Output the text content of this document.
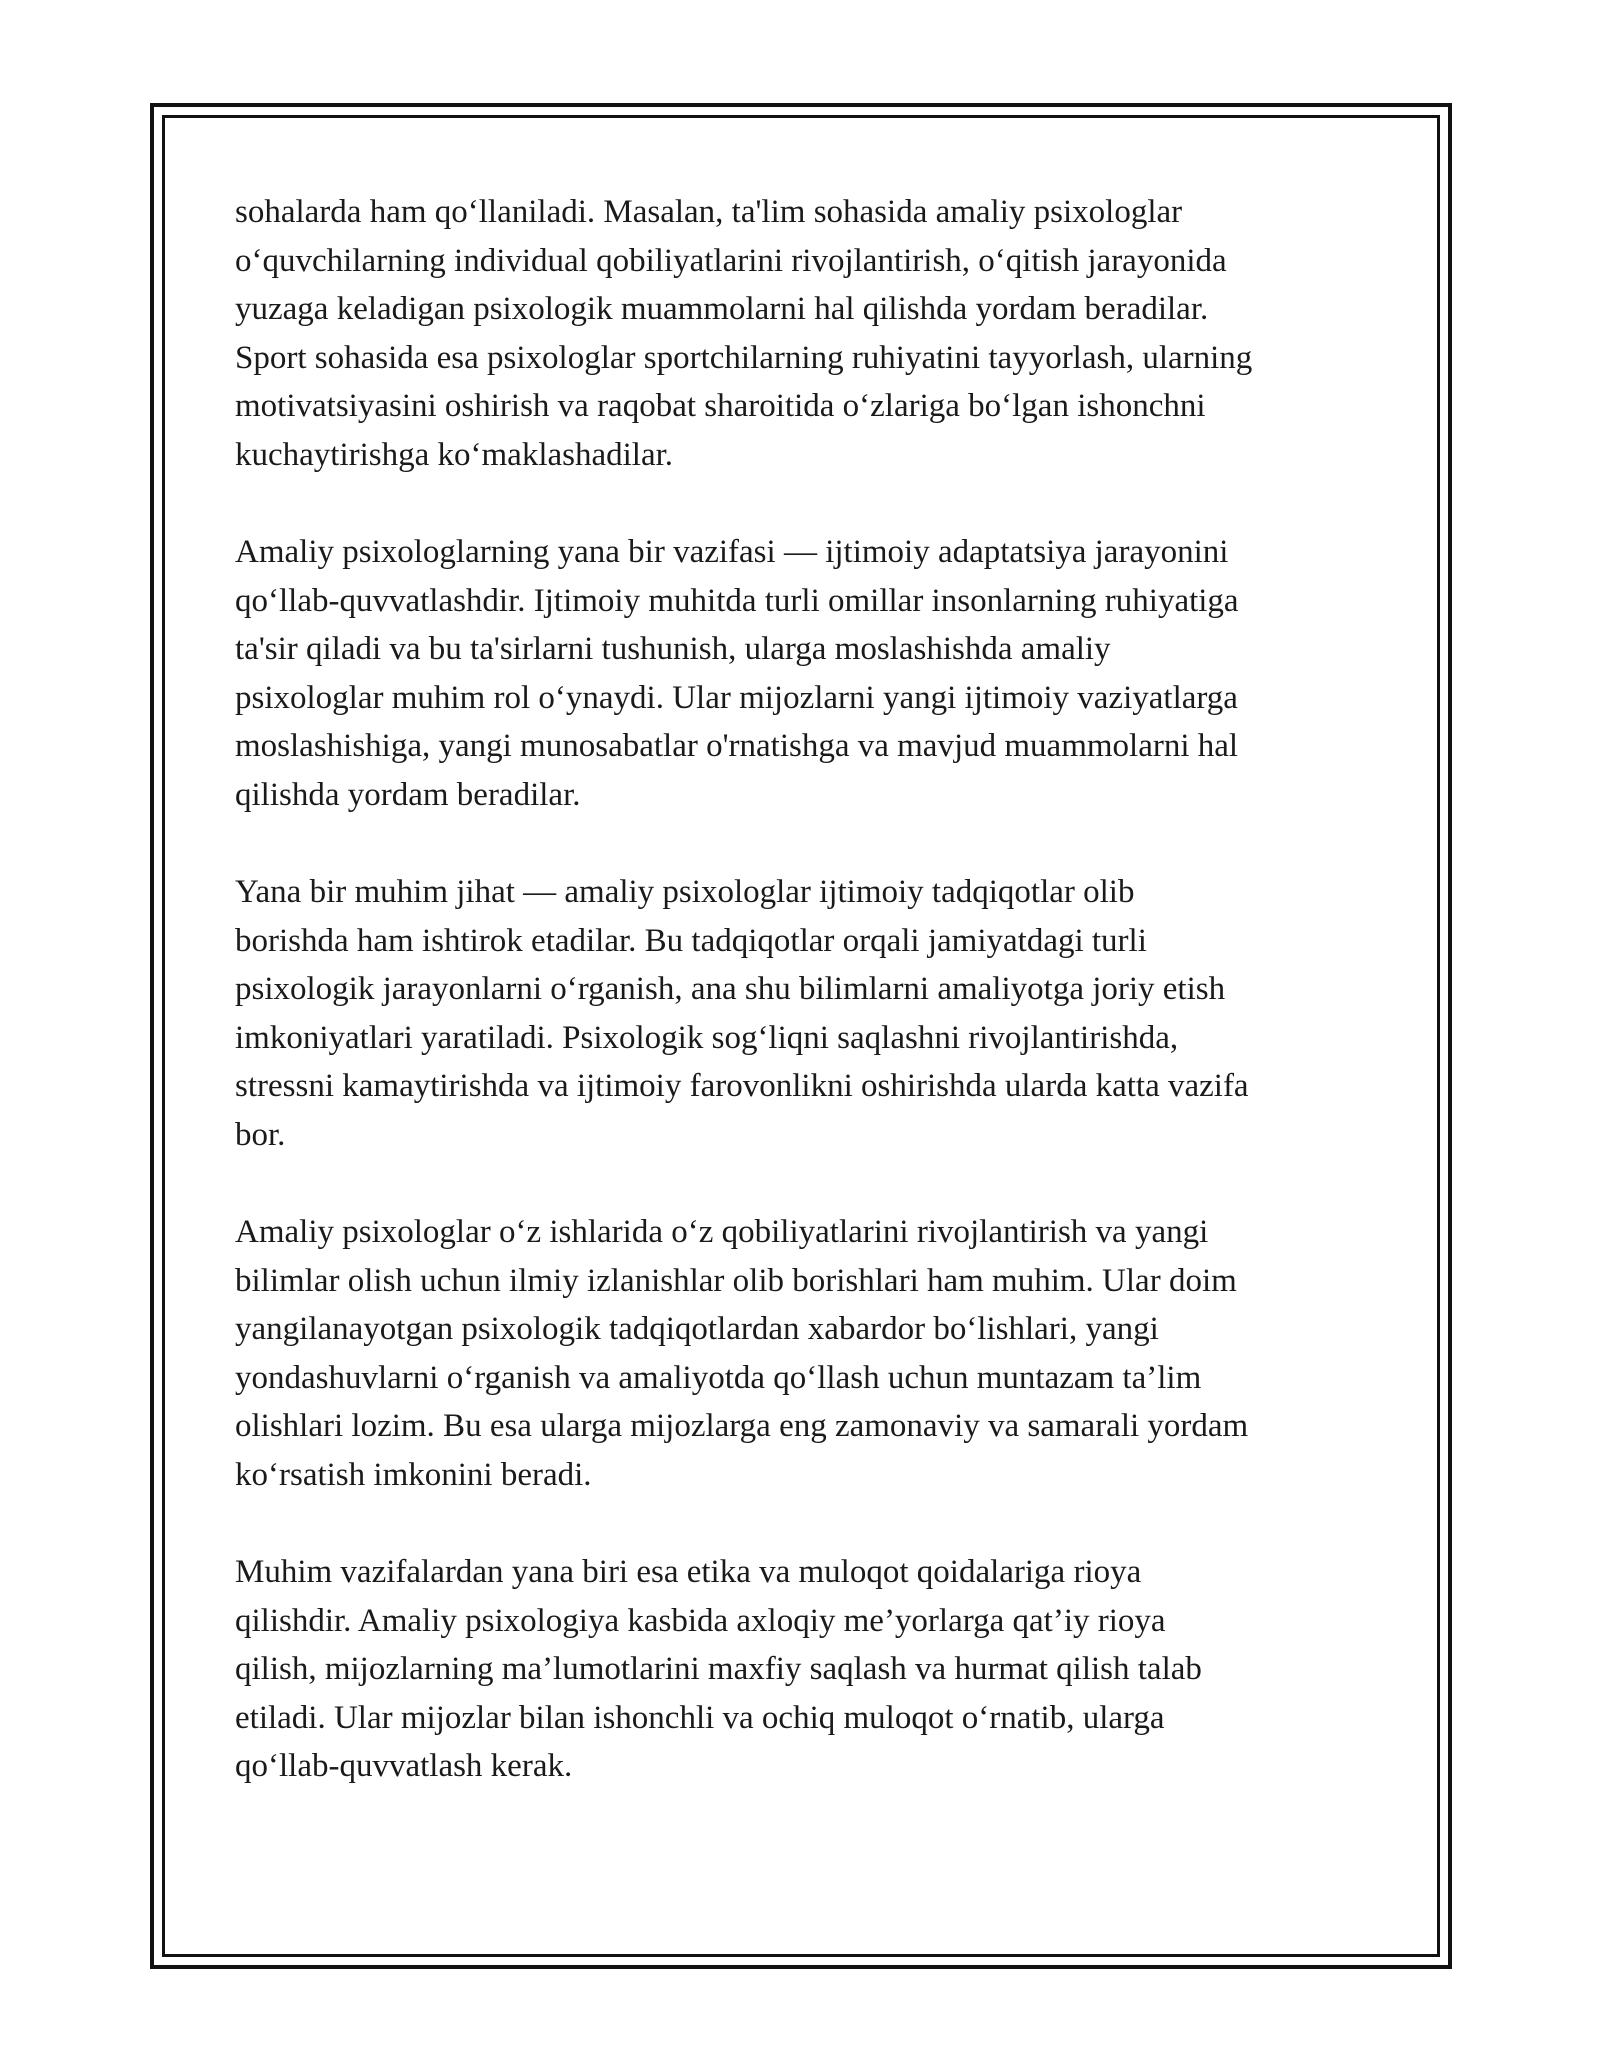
sohalarda ham qo‘llaniladi. Masalan, ta'lim sohasida amaliy psixologlar
o‘quvchilarning individual qobiliyatlarini rivojlantirish, o‘qitish jarayonida
yuzaga keladigan psixologik muammolarni hal qilishda yordam beradilar.
Sport sohasida esa psixologlar sportchilarning ruhiyatini tayyorlash, ularning
motivatsiyasini oshirish va raqobat sharoitida o‘zlariga bo‘lgan ishonchni
kuchaytirishga ko‘maklashadilar.

Amaliy psixologlarning yana bir vazifasi — ijtimoiy adaptatsiya jarayonini
qo‘llab-quvvatlashdir. Ijtimoiy muhitda turli omillar insonlarning ruhiyatiga
ta'sir qiladi va bu ta'sirlarni tushunish, ularga moslashishda amaliy
psixologlar muhim rol o‘ynaydi. Ular mijozlarni yangi ijtimoiy vaziyatlarga
moslashishiga, yangi munosabatlar o'rnatishga va mavjud muammolarni hal
qilishda yordam beradilar.

Yana bir muhim jihat — amaliy psixologlar ijtimoiy tadqiqotlar olib
borishda ham ishtirok etadilar. Bu tadqiqotlar orqali jamiyatdagi turli
psixologik jarayonlarni o‘rganish, ana shu bilimlarni amaliyotga joriy etish
imkoniyatlari yaratiladi. Psixologik sog‘liqni saqlashni rivojlantirishda,
stressni kamaytirishda va ijtimoiy farovonlikni oshirishda ularda katta vazifa
bor.

Amaliy psixologlar o‘z ishlarida o‘z qobiliyatlarini rivojlantirish va yangi
bilimlar olish uchun ilmiy izlanishlar olib borishlari ham muhim. Ular doim
yangilanayotgan psixologik tadqiqotlardan xabardor bo‘lishlari, yangi
yondashuvlarni o‘rganish va amaliyotda qo‘llash uchun muntazam ta’lim
olishlari lozim. Bu esa ularga mijozlarga eng zamonaviy va samarali yordam
ko‘rsatish imkonini beradi.

Muhim vazifalardan yana biri esa etika va muloqot qoidalariga rioya
qilishdir. Amaliy psixologiya kasbida axloqiy me’yorlarga qat’iy rioya
qilish, mijozlarning ma’lumotlarini maxfiy saqlash va hurmat qilish talab
etiladi. Ular mijozlar bilan ishonchli va ochiq muloqot o‘rnatib, ularga
qo‘llab-quvvatlash kerak.
